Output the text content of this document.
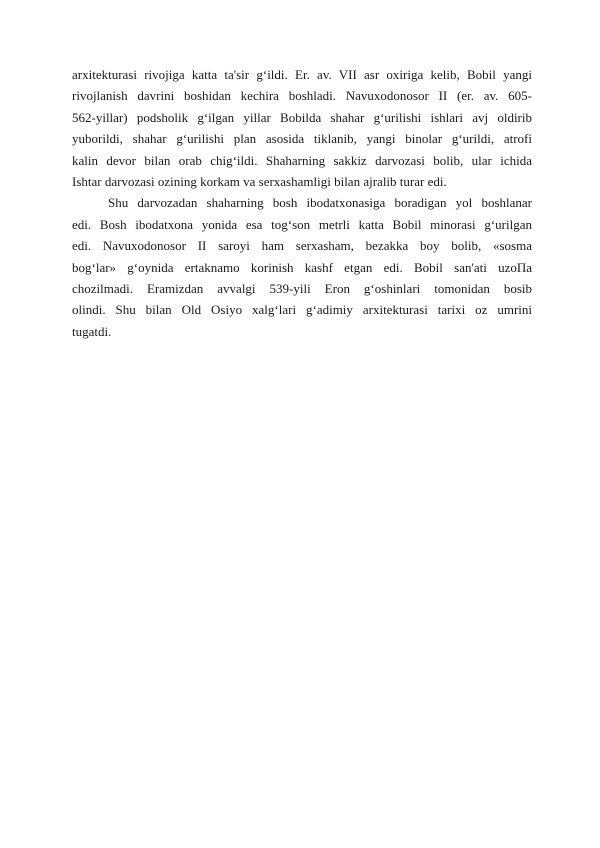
arxitekturasi rivojiga katta ta'sir g‘ildi. Er. av. VII asr oxiriga kelib, Bobil yangi
rivojlanish davrini boshidan kechira boshladi. Navuxodonosor II (er. av. 605-
562-yillar) podsholik g‘ilgan yillar Bobilda shahar g‘urilishi ishlari avj oldirib
yuborildi, shahar g‘urilishi plan asosida tiklanib, yangi binolar g‘urildi, atrofi
kalin devor bilan orab chig‘ildi. Shaharning sakkiz darvozasi bolib, ular ichida
Ishtar darvozasi ozining korkam va serxashamligi bilan ajralib turar edi.
Shu darvozadan shaharning bosh ibodatxonasiga boradigan yol boshlanar
edi. Bosh ibodatxona yonida esa tog‘son metrli katta Bobil minorasi g‘urilgan
edi. Navuxodonosor II saroyi ham serxasham, bezakka boy bolib, «sosma
bog‘lar» g‘oynida ertaknamo korinish kashf etgan edi. Bobil san'ati uzoПа
chozilmadi. Eramizdan avvalgi 539-yili Eron g‘oshinlari tomonidan bosib
olindi. Shu bilan Old Osiyo xalg‘lari g‘adimiy arxitekturasi tarixi oz umrini
tugatdi.
